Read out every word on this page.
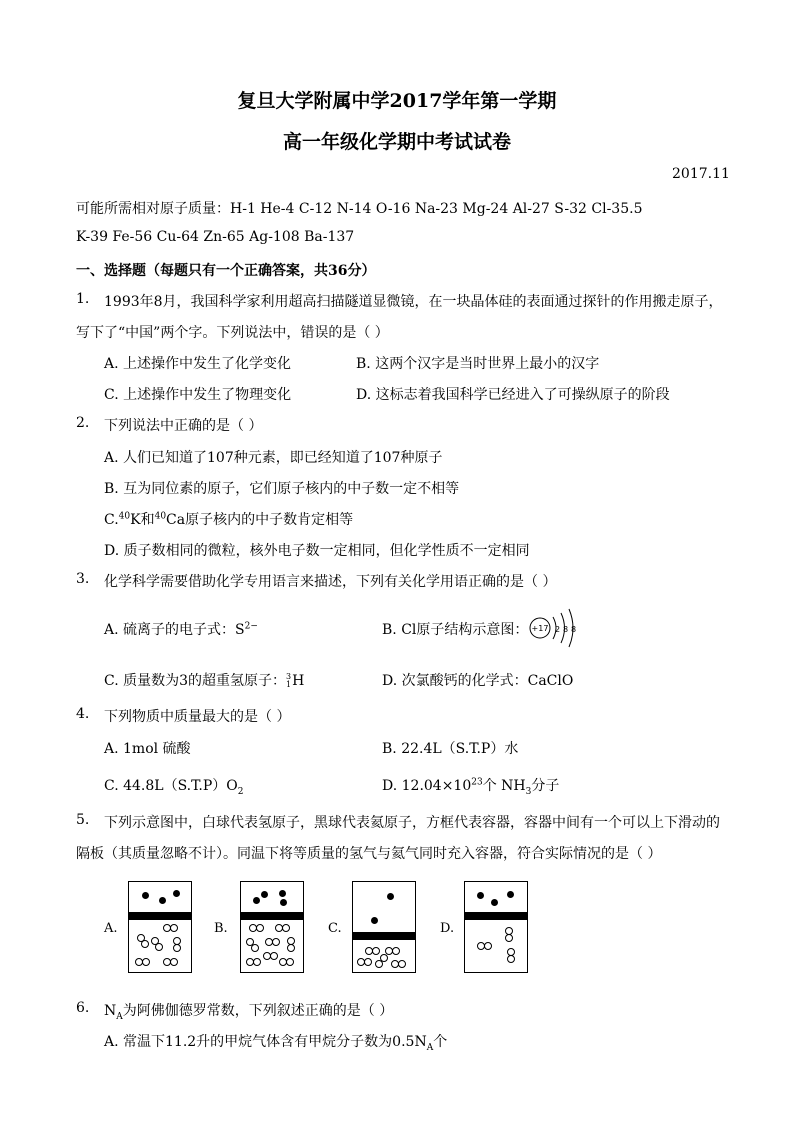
复旦大学附属中学2017学年第一学期
高一年级化学期中考试试卷
2017.11
可能所需相对原子质量：H-1 He-4 C-12 N-14 O-16 Na-23 Mg-24 Al-27 S-32 Cl-35.5
K-39 Fe-56 Cu-64 Zn-65 Ag-108 Ba-137
一、选择题（每题只有一个正确答案，共36分）
1. 1993年8月，我国科学家利用超高扫描隧道显微镜，在一块晶体硅的表面通过探针的作用搬走原子，
写下了“中国”两个字。下列说法中，错误的是（ ）
A. 上述操作中发生了化学变化	B. 这两个汉字是当时世界上最小的汉字
C. 上述操作中发生了物理变化	D. 这标志着我国科学已经进入了可操纵原子的阶段
2. 下列说法中正确的是（ ）
A. 人们已知道了107种元素，即已经知道了107种原子
B. 互为同位素的原子，它们原子核内的中子数一定不相等
C.$^{40}$K和$^{40}$Ca原子核内的中子数肯定相等
D. 质子数相同的微粒，核外电子数一定相同，但化学性质不一定相同
3. 化学科学需要借助化学专用语言来描述，下列有关化学用语正确的是（ ）
A. 硫离子的电子式：$S^{2-}$	B. Cl原子结构示意图： +17 2 8 8
C. 质量数为3的超重氢原子： 3
1 H	D. 次氯酸钙的化学式：CaClO
4. 下列物质中质量最大的是（ ）
A. 1mol 硫酸	B. 22.4L（S.T.P）水
C. $44.8L(S.T.P)O_2$	D. $12.04\times 10^{23}$个 $NH_3$分子
5. 下列示意图中，白球代表氢原子，黑球代表氦原子，方框代表容器，容器中间有一个可以上下滑动的
隔板（其质量忽略不计）。同温下将等质量的氢气与氦气同时充入容器，符合实际情况的是（ ）
A.	B.	C.	D.
6. $N_A$为阿佛伽德罗常数，下列叙述正确的是（ ）
A. 常温下11.2升的甲烷气体含有甲烷分子数为$0.5N_A$个
